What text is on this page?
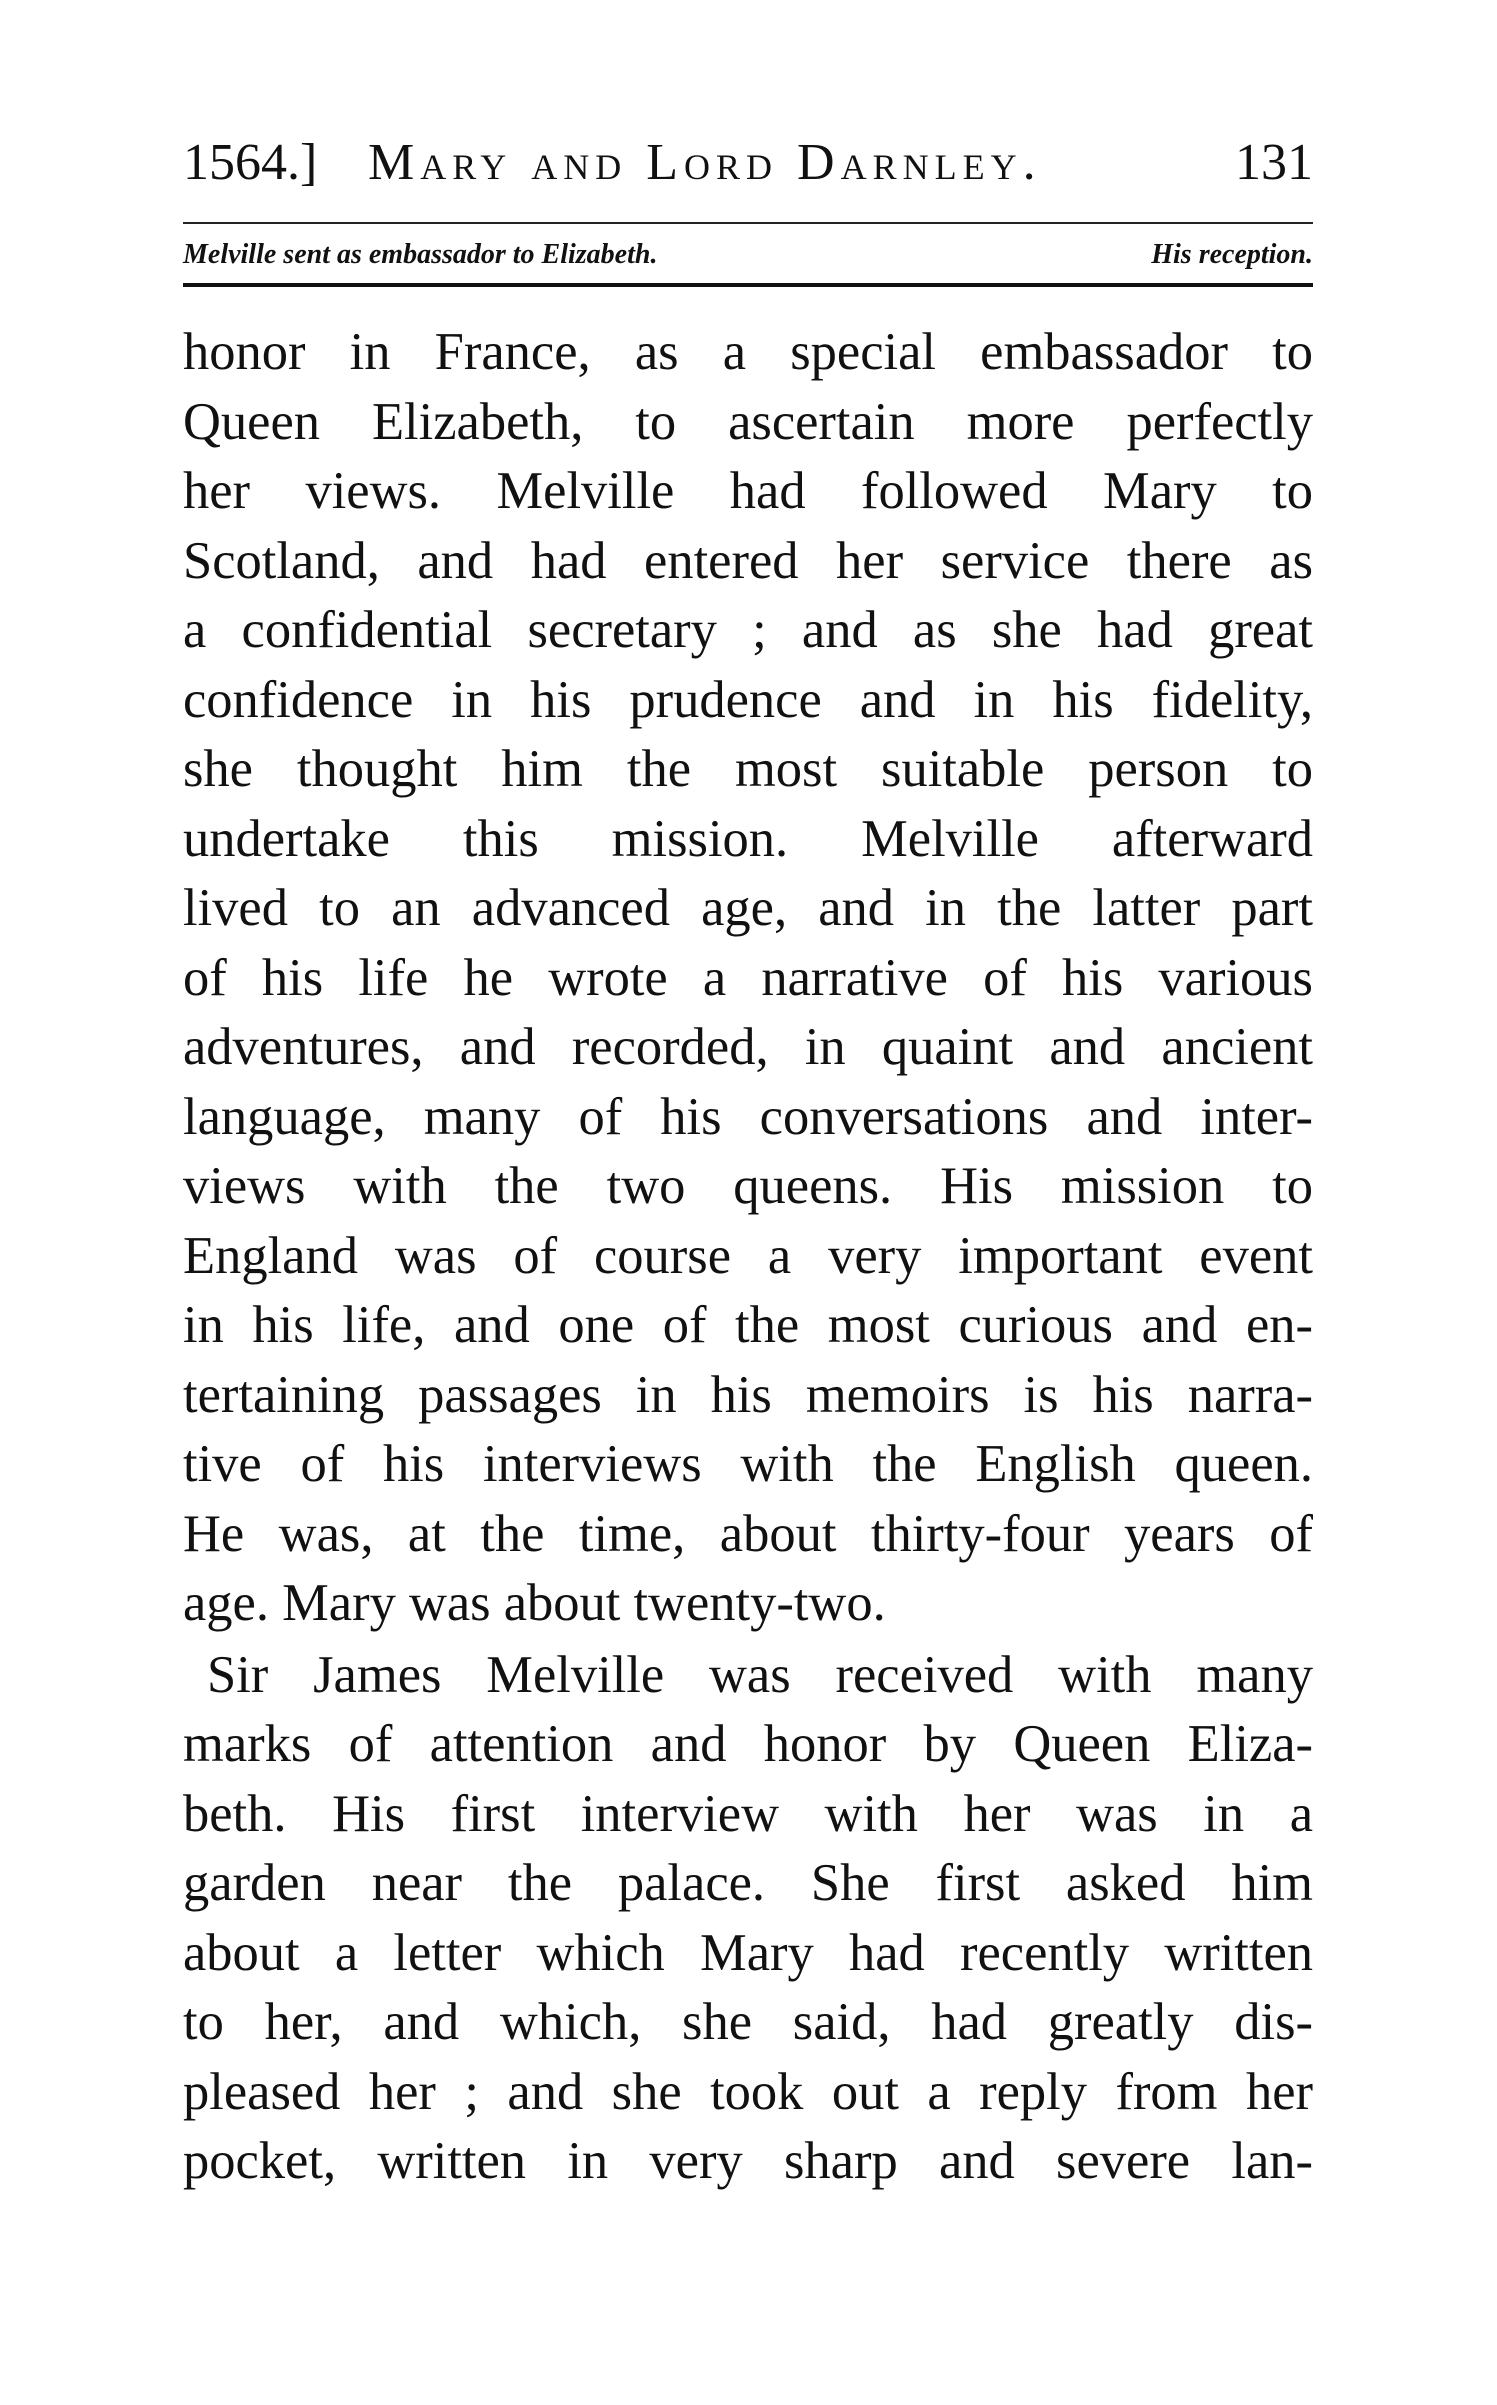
1564.] Mary and Lord Darnley.	131
Melville sent as embassador to Elizabeth.	His reception.
honor in France, as a special embassador to
Queen Elizabeth, to ascertain more perfectly
her views. Melville had followed Mary to
Scotland, and had entered her service there as
a confidential secretary ; and as she had great
confidence in his prudence and in his fidelity,
she thought him the most suitable person to
undertake this mission. Melville afterward
lived to an advanced age, and in the latter part
of his life he wrote a narrative of his various
adventures, and recorded, in quaint and ancient
language, many of his conversations and inter-
views with the two queens. His mission to
England was of course a very important event
in his life, and one of the most curious and en-
tertaining passages in his memoirs is his narra-
tive of his interviews with the English queen.
He was, at the time, about thirty-four years of
age. Mary was about twenty-two.
Sir James Melville was received with many
marks of attention and honor by Queen Eliza-
beth. His first interview with her was in a
garden near the palace. She first asked him
about a letter which Mary had recently written
to her, and which, she said, had greatly dis-
pleased her ; and she took out a reply from her
pocket, written in very sharp and severe lan-
